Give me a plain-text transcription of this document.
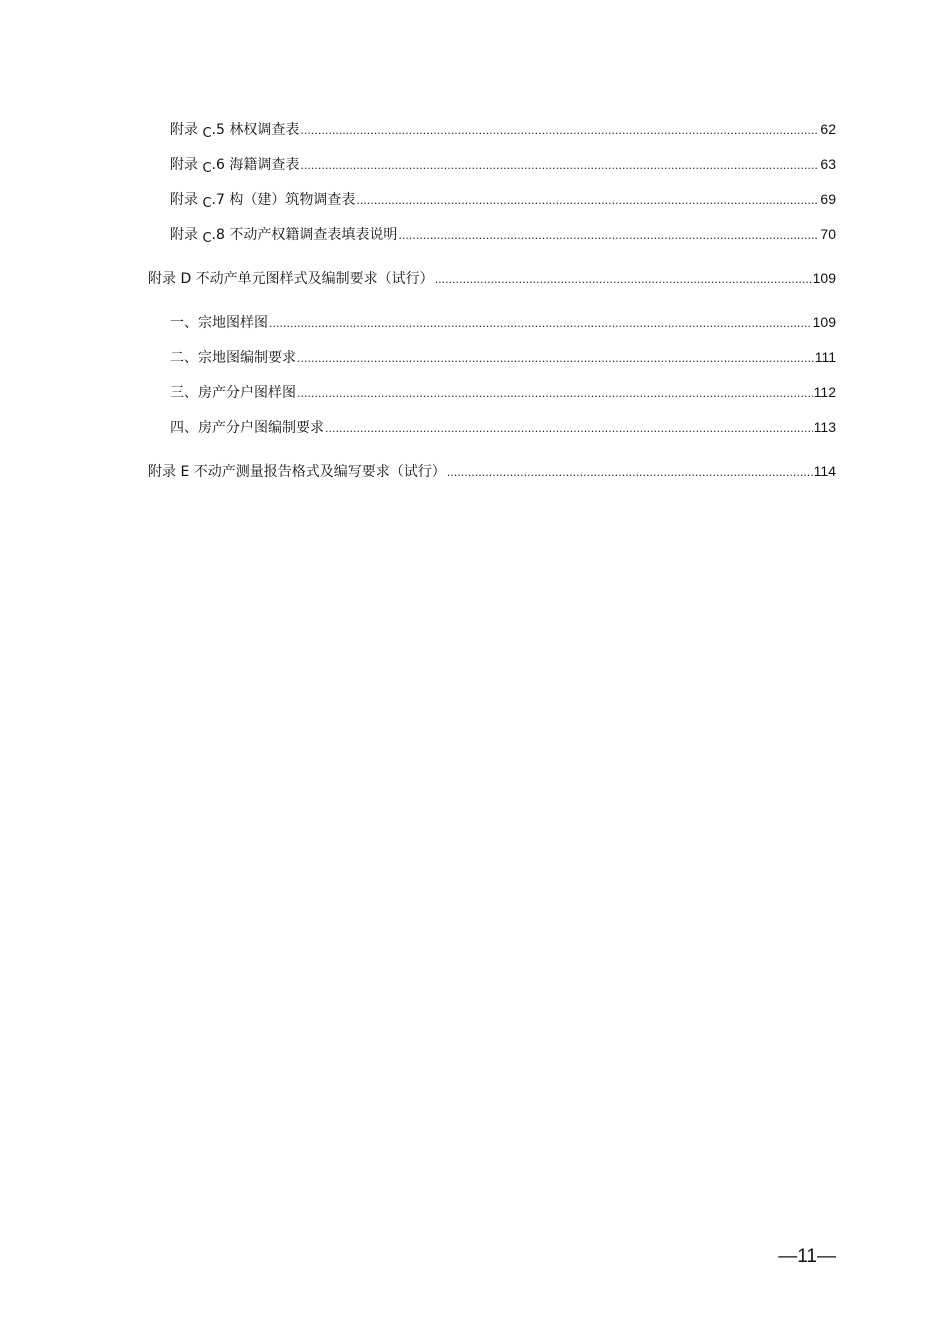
附录 C.5 林权调查表 .....	62
附录 C.6 海籍调查表 .....	63
附录 C.7 构（建）筑物调查表 .....	69
附录 C.8 不动产权籍调查表填表说明 .....	70
附录 D 不动产单元图样式及编制要求（试行） .....	109
一、宗地图样图 .....	109
二、宗地图编制要求 .....	111
三、房产分户图样图 .....	112
四、房产分户图编制要求 .....	113
附录 E 不动产测量报告格式及编写要求（试行） .....	114
—11—
